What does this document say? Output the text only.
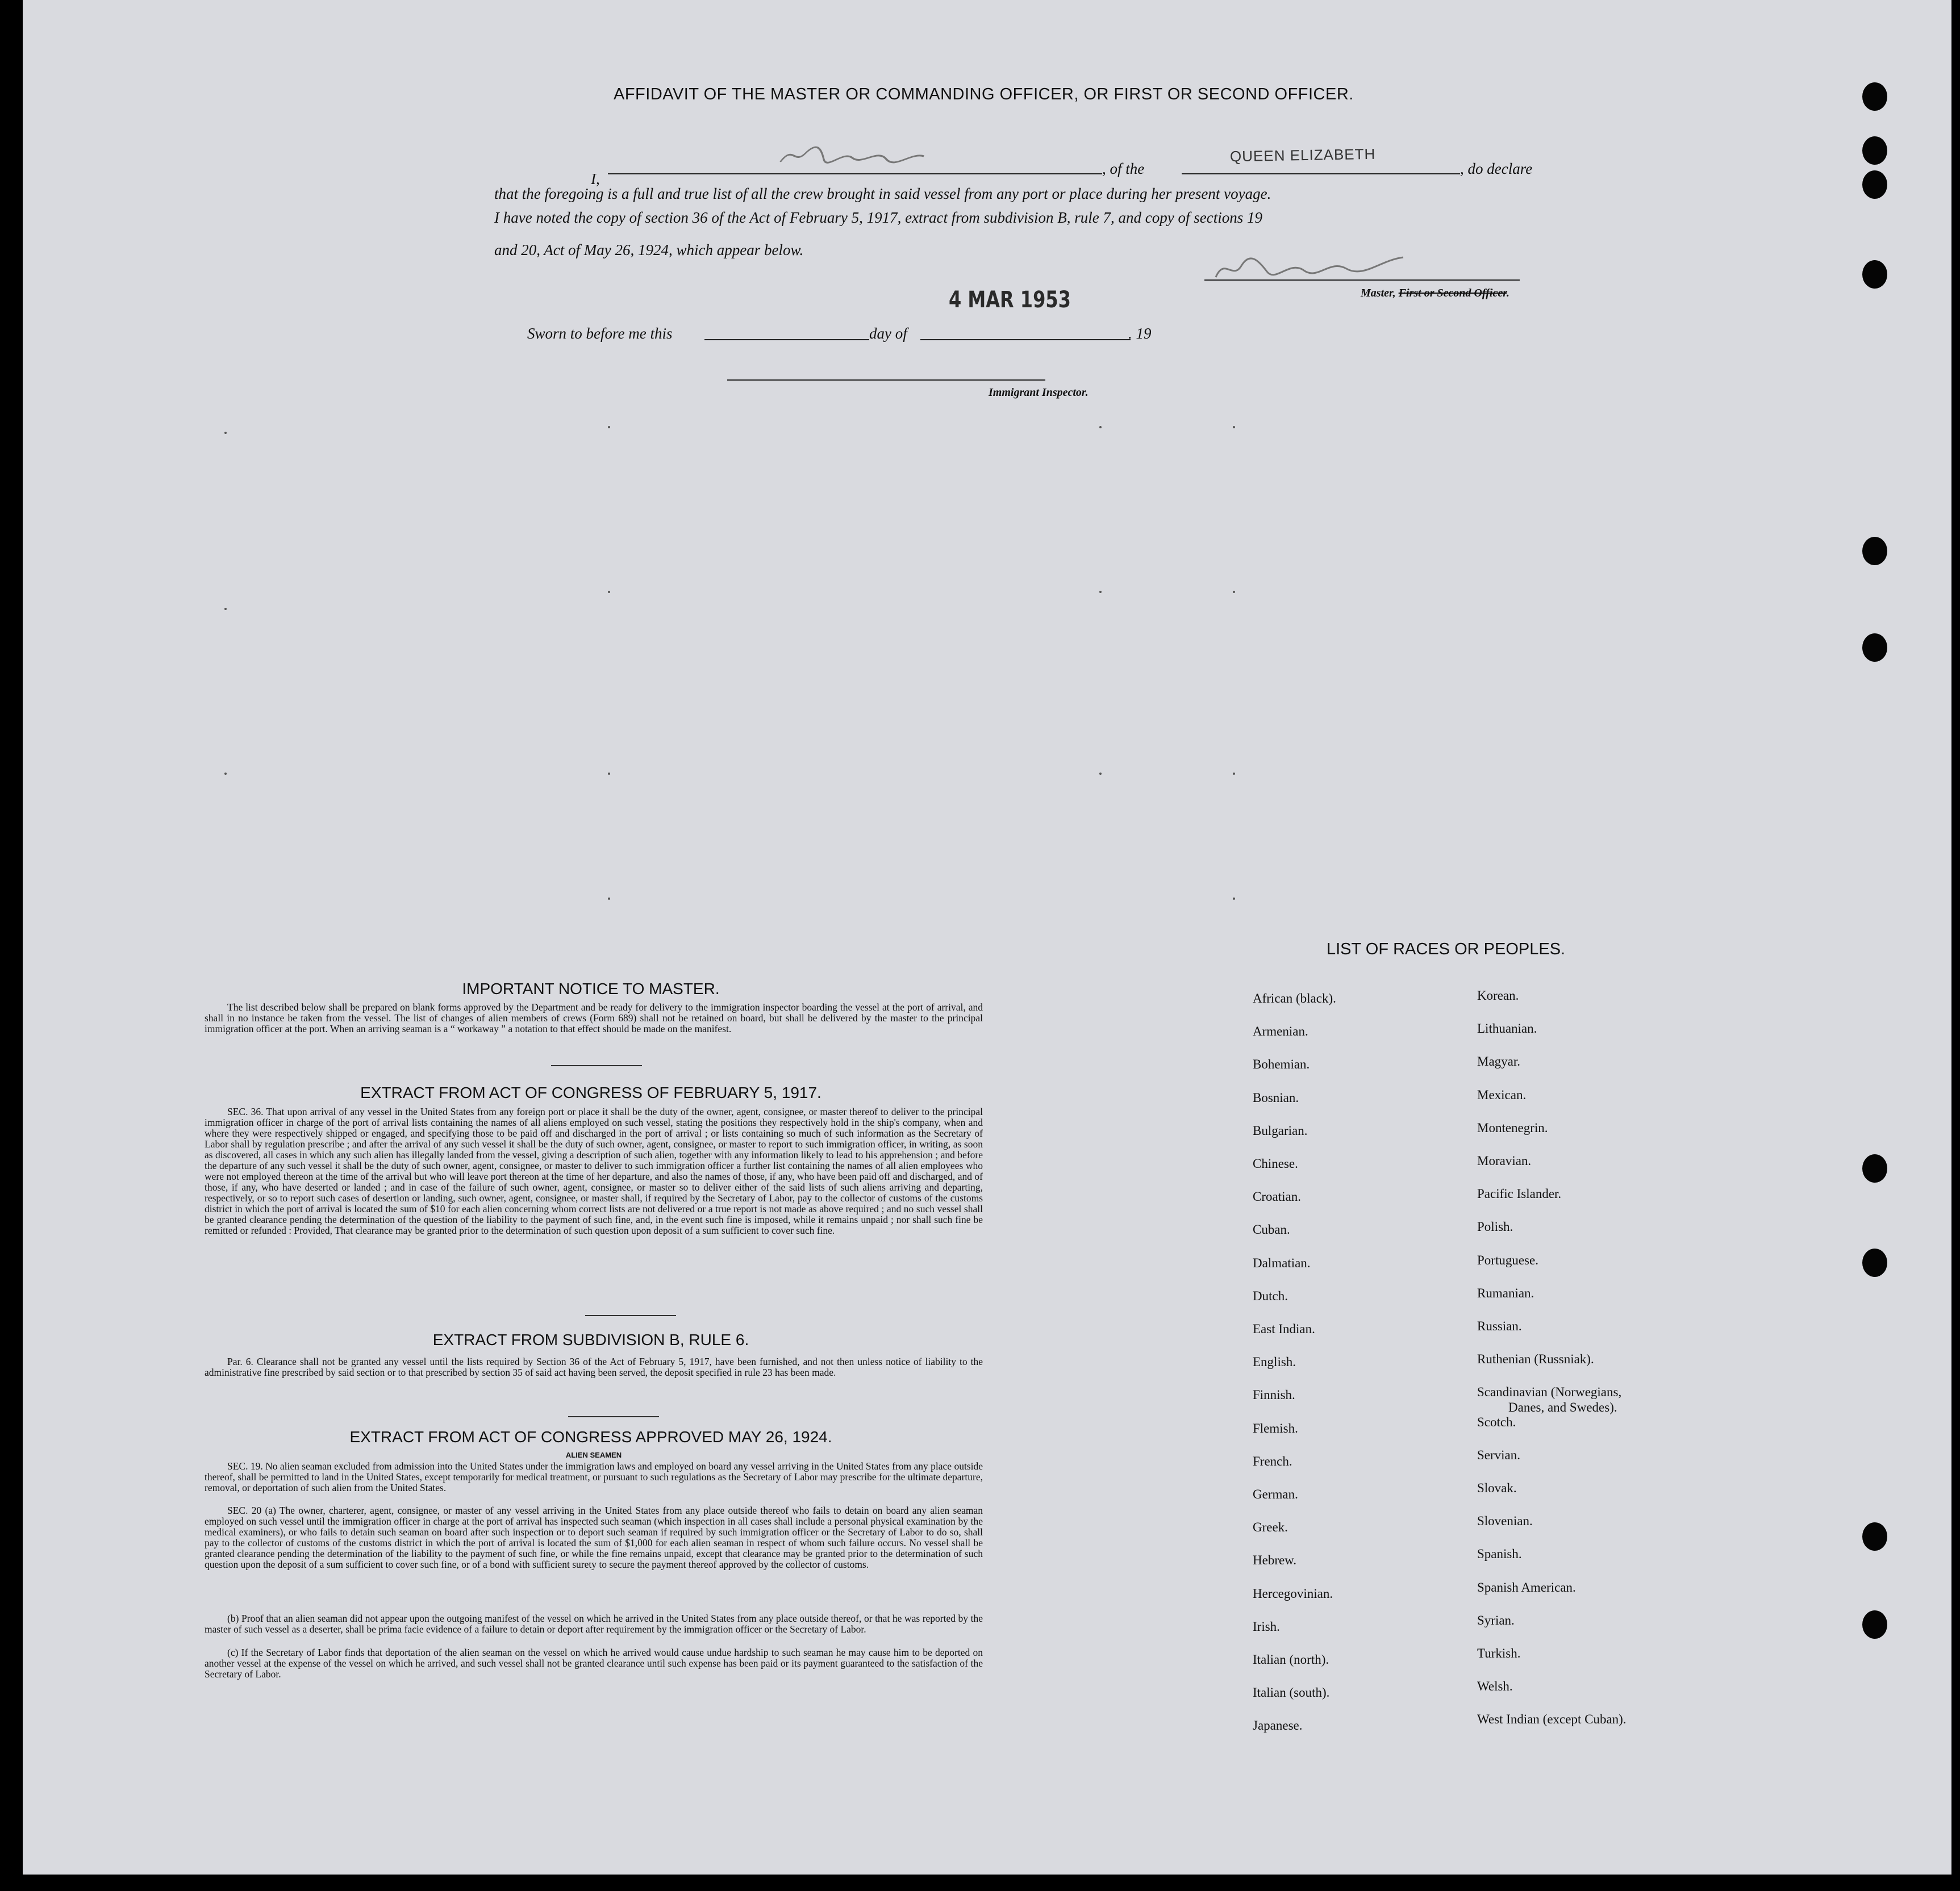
AFFIDAVIT OF THE MASTER OR COMMANDING OFFICER, OR FIRST OR SECOND OFFICER.
I,
, of the
QUEEN ELIZABETH
, do declare
that the foregoing is a full and true list of all the crew brought in said vessel from any port or place during her present voyage.
I have noted the copy of section 36 of the Act of February 5, 1917, extract from subdivision B, rule 7, and copy of sections 19
and 20, Act of May 26, 1924, which appear below.
Master, First or Second Officer.
4 MAR 1953
Sworn to before me this	day of	. 19
Immigrant Inspector.
IMPORTANT NOTICE TO MASTER.
The list described below shall be prepared on blank forms approved by the Department and be ready for delivery to the immigration inspector boarding the vessel at the port of arrival, and shall in no instance be taken from the vessel. The list of changes of alien members of crews (Form 689) shall not be retained on board, but shall be delivered by the master to the principal immigration officer at the port. When an arriving seaman is a “ workaway ” a notation to that effect should be made on the manifest.
EXTRACT FROM ACT OF CONGRESS OF FEBRUARY 5, 1917.
SEC. 36. That upon arrival of any vessel in the United States from any foreign port or place it shall be the duty of the owner, agent, consignee, or master thereof to deliver to the principal immigration officer in charge of the port of arrival lists containing the names of all aliens employed on such vessel, stating the positions they respectively hold in the ship's company, when and where they were respectively shipped or engaged, and specifying those to be paid off and discharged in the port of arrival ; or lists containing so much of such information as the Secretary of Labor shall by regulation prescribe ; and after the arrival of any such vessel it shall be the duty of such owner, agent, consignee, or master to report to such immigration officer, in writing, as soon as discovered, all cases in which any such alien has illegally landed from the vessel, giving a description of such alien, together with any information likely to lead to his apprehension ; and before the departure of any such vessel it shall be the duty of such owner, agent, consignee, or master to deliver to such immigration officer a further list containing the names of all alien employees who were not employed thereon at the time of the arrival but who will leave port thereon at the time of her departure, and also the names of those, if any, who have been paid off and discharged, and of those, if any, who have deserted or landed ; and in case of the failure of such owner, agent, consignee, or master so to deliver either of the said lists of such aliens arriving and departing, respectively, or so to report such cases of desertion or landing, such owner, agent, consignee, or master shall, if required by the Secretary of Labor, pay to the collector of customs of the customs district in which the port of arrival is located the sum of $10 for each alien concerning whom correct lists are not delivered or a true report is not made as above required ; and no such vessel shall be granted clearance pending the determination of the question of the liability to the payment of such fine, and, in the event such fine is imposed, while it remains unpaid ; nor shall such fine be remitted or refunded : Provided, That clearance may be granted prior to the determination of such question upon deposit of a sum sufficient to cover such fine.
EXTRACT FROM SUBDIVISION B, RULE 6.
Par. 6. Clearance shall not be granted any vessel until the lists required by Section 36 of the Act of February 5, 1917, have been furnished, and not then unless notice of liability to the administrative fine prescribed by said section or to that prescribed by section 35 of said act having been served, the deposit specified in rule 23 has been made.
EXTRACT FROM ACT OF CONGRESS APPROVED MAY 26, 1924.
ALIEN SEAMEN
SEC. 19. No alien seaman excluded from admission into the United States under the immigration laws and employed on board any vessel arriving in the United States from any place outside thereof, shall be permitted to land in the United States, except temporarily for medical treatment, or pursuant to such regulations as the Secretary of Labor may prescribe for the ultimate departure, removal, or deportation of such alien from the United States.
SEC. 20 (a) The owner, charterer, agent, consignee, or master of any vessel arriving in the United States from any place outside thereof who fails to detain on board any alien seaman employed on such vessel until the immigration officer in charge at the port of arrival has inspected such seaman (which inspection in all cases shall include a personal physical examination by the medical examiners), or who fails to detain such seaman on board after such inspection or to deport such seaman if required by such immigration officer or the Secretary of Labor to do so, shall pay to the collector of customs of the customs district in which the port of arrival is located the sum of $1,000 for each alien seaman in respect of whom such failure occurs. No vessel shall be granted clearance pending the determination of the liability to the payment of such fine, or while the fine remains unpaid, except that clearance may be granted prior to the determination of such question upon the deposit of a sum sufficient to cover such fine, or of a bond with sufficient surety to secure the payment thereof approved by the collector of customs.
(b) Proof that an alien seaman did not appear upon the outgoing manifest of the vessel on which he arrived in the United States from any place outside thereof, or that he was reported by the master of such vessel as a deserter, shall be prima facie evidence of a failure to detain or deport after requirement by the immigration officer or the Secretary of Labor.
(c) If the Secretary of Labor finds that deportation of the alien seaman on the vessel on which he arrived would cause undue hardship to such seaman he may cause him to be deported on another vessel at the expense of the vessel on which he arrived, and such vessel shall not be granted clearance until such expense has been paid or its payment guaranteed to the satisfaction of the Secretary of Labor.
LIST OF RACES OR PEOPLES.
African (black).
Armenian.
Bohemian.
Bosnian.
Bulgarian.
Chinese.
Croatian.
Cuban.
Dalmatian.
Dutch.
East Indian.
English.
Finnish.
Flemish.
French.
German.
Greek.
Hebrew.
Hercegovinian.
Irish.
Italian (north).
Italian (south).
Japanese.
Korean.
Lithuanian.
Magyar.
Mexican.
Montenegrin.
Moravian.
Pacific Islander.
Polish.
Portuguese.
Rumanian.
Russian.
Ruthenian (Russniak).
Scandinavian (Norwegians,
Scotch.
Servian.
Slovak.
Slovenian.
Spanish.
Spanish American.
Syrian.
Turkish.
Welsh.
West Indian (except Cuban).
Danes, and Swedes).
